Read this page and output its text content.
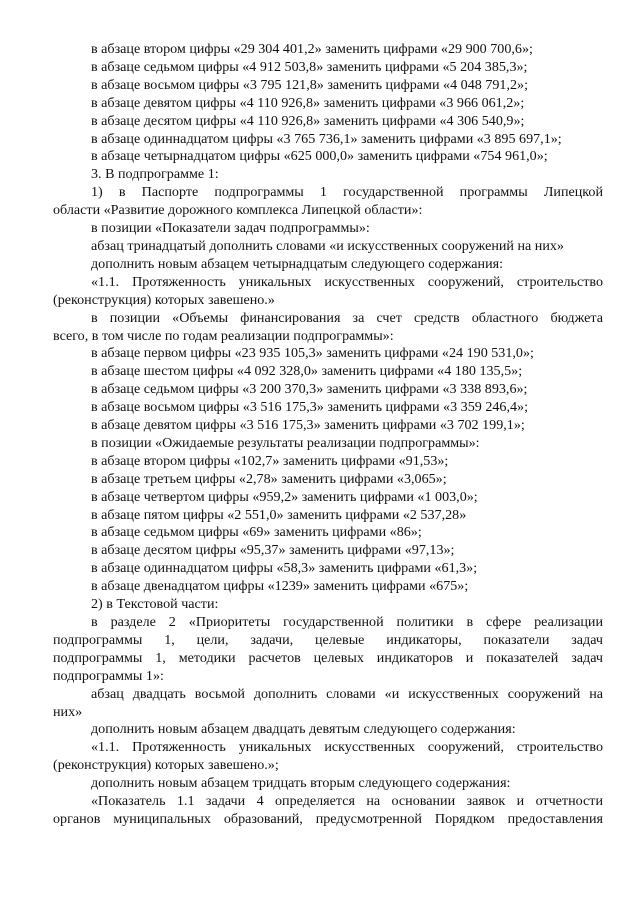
в абзаце втором цифры «29 304 401,2» заменить цифрами «29 900 700,6»;

в абзаце седьмом цифры «4 912 503,8» заменить цифрами «5 204 385,3»;

в абзаце восьмом цифры «3 795 121,8» заменить цифрами «4 048 791,2»;

в абзаце девятом цифры «4 110 926,8» заменить цифрами «3 966 061,2»;

в абзаце десятом цифры «4 110 926,8» заменить цифрами «4 306 540,9»;

в абзаце одиннадцатом цифры «3 765 736,1» заменить цифрами «3 895 697,1»;

в абзаце четырнадцатом цифры «625 000,0» заменить цифрами «754 961,0»;

3. В подпрограмме 1:

1) в Паспорте подпрограммы 1 государственной программы Липецкой

области «Развитие дорожного комплекса Липецкой области»:

в позиции «Показатели задач подпрограммы»:

абзац тринадцатый дополнить словами «и искусственных сооружений на них»

дополнить новым абзацем четырнадцатым следующего содержания:

«1.1. Протяженность уникальных искусственных сооружений, строительство

(реконструкция) которых завешено.»

в позиции «Объемы финансирования за счет средств областного бюджета

всего, в том числе по годам реализации подпрограммы»:

в абзаце первом цифры «23 935 105,3» заменить цифрами «24 190 531,0»;

в абзаце шестом цифры «4 092 328,0» заменить цифрами «4 180 135,5»;

в абзаце седьмом цифры «3 200 370,3» заменить цифрами «3 338 893,6»;

в абзаце восьмом цифры «3 516 175,3» заменить цифрами «3 359 246,4»;

в абзаце девятом цифры «3 516 175,3» заменить цифрами «3 702 199,1»;

в позиции «Ожидаемые результаты реализации подпрограммы»:

в абзаце втором цифры «102,7» заменить цифрами «91,53»;

в абзаце третьем цифры «2,78» заменить цифрами «3,065»;

в абзаце четвертом цифры «959,2» заменить цифрами «1 003,0»;

в абзаце пятом цифры «2 551,0» заменить цифрами «2 537,28»

в абзаце седьмом цифры «69» заменить цифрами «86»;

в абзаце десятом цифры «95,37» заменить цифрами «97,13»;

в абзаце одиннадцатом цифры «58,3» заменить цифрами «61,3»;

в абзаце двенадцатом цифры «1239» заменить цифрами «675»;

2) в Текстовой части:

в разделе 2 «Приоритеты государственной политики в сфере реализации

подпрограммы 1, цели, задачи, целевые индикаторы, показатели задач

подпрограммы 1, методики расчетов целевых индикаторов и показателей задач

подпрограммы 1»:

абзац двадцать восьмой дополнить словами «и искусственных сооружений на

них»

дополнить новым абзацем двадцать девятым следующего содержания:

«1.1. Протяженность уникальных искусственных сооружений, строительство

(реконструкция) которых завешено.»;

дополнить новым абзацем тридцать вторым следующего содержания:

«Показатель 1.1 задачи 4 определяется на основании заявок и отчетности

органов муниципальных образований, предусмотренной Порядком предоставления
